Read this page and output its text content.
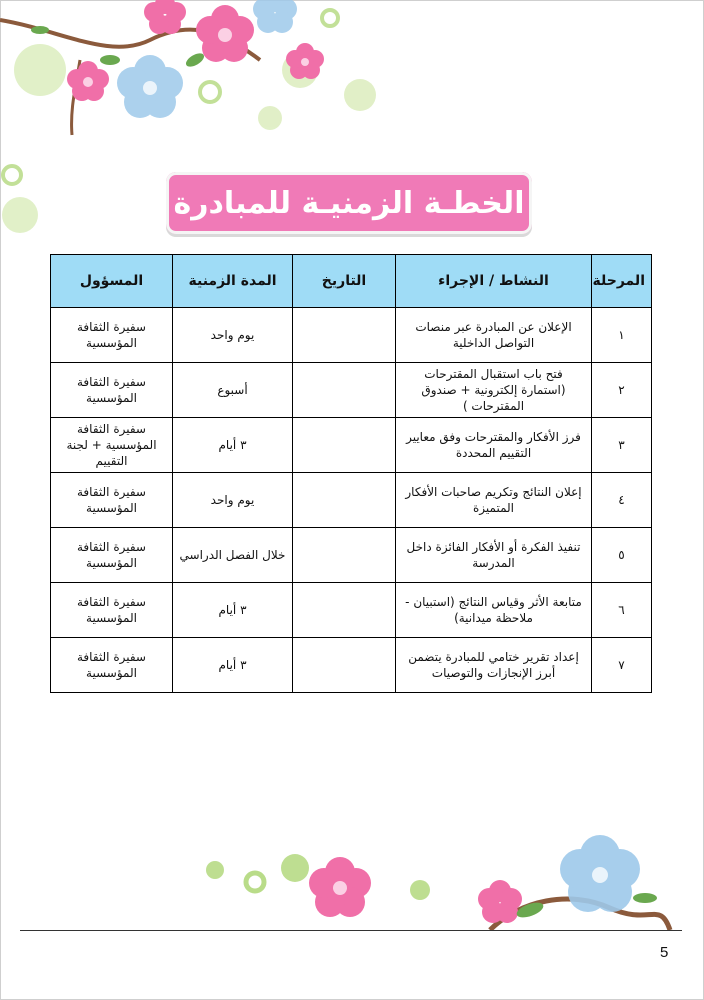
الخطـة الزمنيـة للمبادرة
المرحلة	النشاط / الإجراء	التاريخ	المدة الزمنية	المسؤول
١	الإعلان عن المبادرة عبر منصات التواصل الداخلية		يوم واحد	سفيرة الثقافة المؤسسية
٢	فتح باب استقبال المقترحات (استمارة إلكترونية + صندوق المقترحات )		أسبوع	سفيرة الثقافة المؤسسية
٣	فرز الأفكار والمقترحات وفق معايير التقييم المحددة		٣ أيام	سفيرة الثقافة المؤسسية + لجنة التقييم
٤	إعلان النتائج وتكريم صاحبات الأفكار المتميزة		يوم واحد	سفيرة الثقافة المؤسسية
٥	تنفيذ الفكرة أو الأفكار الفائزة داخل المدرسة		خلال الفصل الدراسي	سفيرة الثقافة المؤسسية
٦	متابعة الأثر وقياس النتائج (استبيان - ملاحظة ميدانية)		٣ أيام	سفيرة الثقافة المؤسسية
٧	إعداد تقرير ختامي للمبادرة يتضمن أبرز الإنجازات والتوصيات		٣ أيام	سفيرة الثقافة المؤسسية
5
